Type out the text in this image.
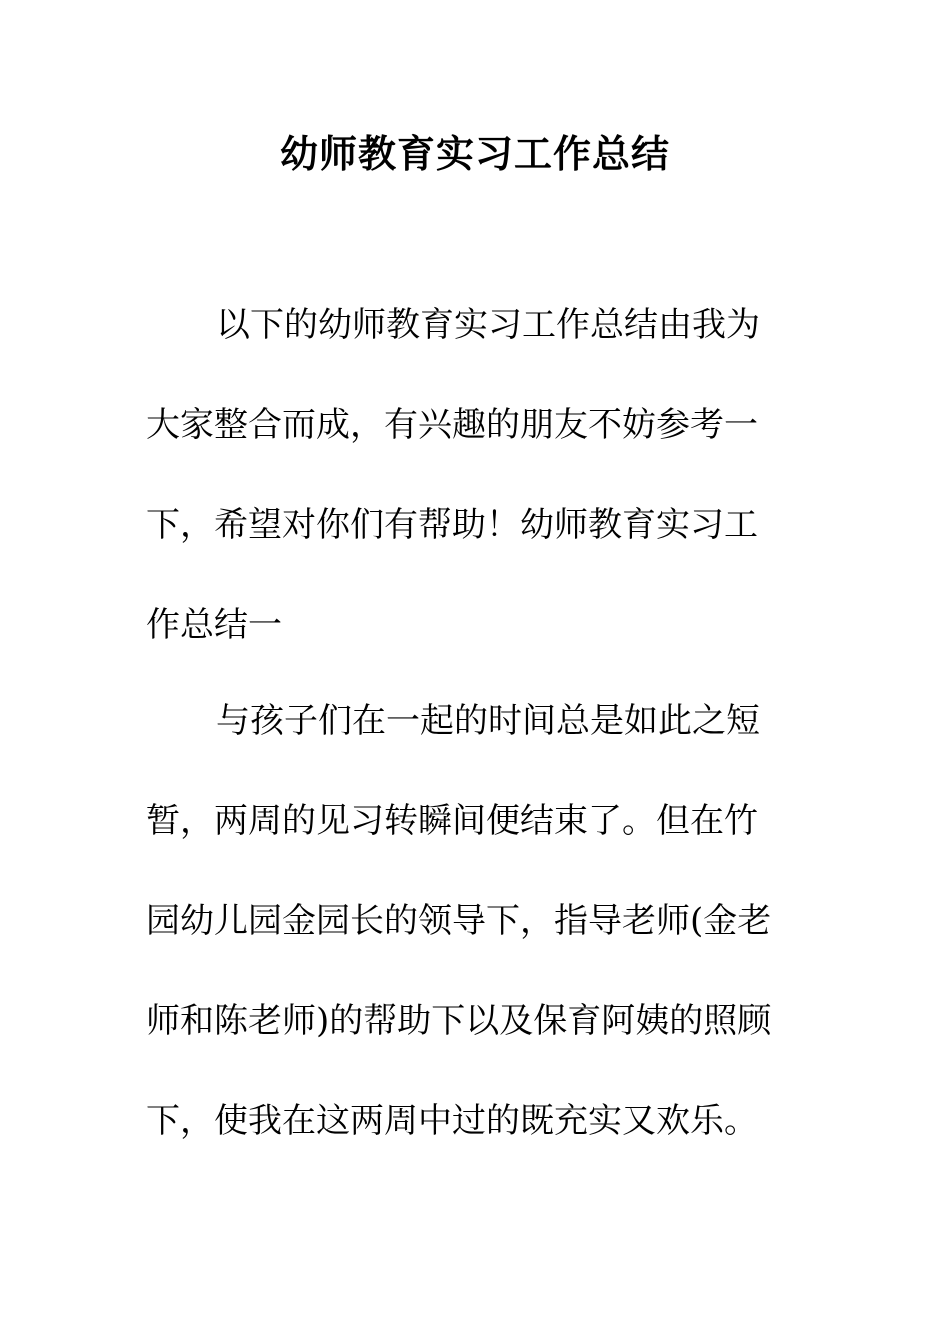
幼师教育实习工作总结
以下的幼师教育实习工作总结由我为
大家整合而成，有兴趣的朋友不妨参考一
下，希望对你们有帮助！幼师教育实习工
作总结一
与孩子们在一起的时间总是如此之短
暂，两周的见习转瞬间便结束了。但在竹
园幼儿园金园长的领导下，指导老师(金老
师和陈老师)的帮助下以及保育阿姨的照顾
下，使我在这两周中过的既充实又欢乐。
